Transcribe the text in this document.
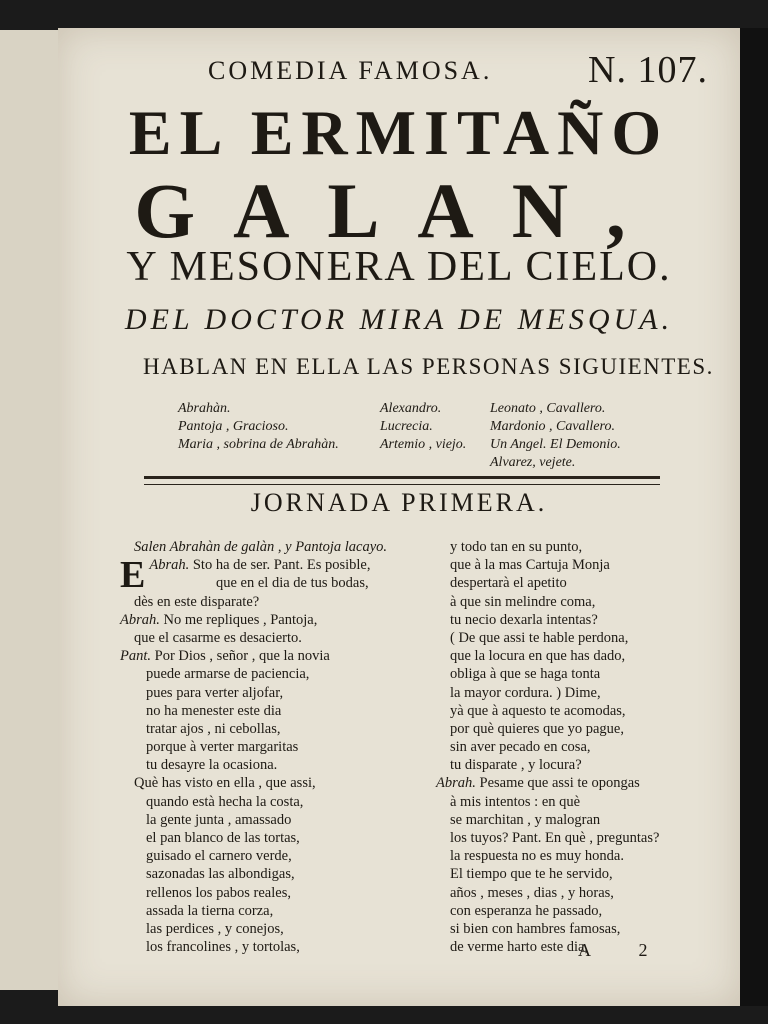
COMEDIA FAMOSA.	N. 107.
EL ERMITAÑO
GALAN,
Y MESONERA DEL CIELO.
DEL DOCTOR MIRA DE MESQUA.
HABLAN EN ELLA LAS PERSONAS SIGUIENTES.
Abrahàn.
Pantoja , Gracioso.
Maria , sobrina de Abrahàn.
Alexandro.
Lucrecia.
Artemio , viejo.
Leonato , Cavallero.
Mardonio , Cavallero.
Un Angel. El Demonio.
Alvarez, vejete.
JORNADA PRIMERA.
Salen Abrahàn de galàn , y Pantoja lacayo.
Abrah.
E	Sto ha de ser. Pant. Es posible,
que en el dia de tus bodas,
dès en este disparate?
Abrah. No me repliques , Pantoja,
que el casarme es desacierto.
Pant. Por Dios , señor , que la novia
puede armarse de paciencia,
pues para verter aljofar,
no ha menester este dia
tratar ajos , ni cebollas,
porque à verter margaritas
tu desayre la ocasiona.
Què has visto en ella , que assi,
quando està hecha la costa,
la gente junta , amassado
el pan blanco de las tortas,
guisado el carnero verde,
sazonadas las albondigas,
rellenos los pabos reales,
assada la tierna corza,
las perdices , y conejos,
los francolines , y tortolas,
y todo tan en su punto,
que à la mas Cartuja Monja
despertarà el apetito
à que sin melindre coma,
tu necio dexarla intentas?
( De que assi te hable perdona,
que la locura en que has dado,
obliga à que se haga tonta
la mayor cordura. ) Dime,
yà que à aquesto te acomodas,
por què quieres que yo pague,
sin aver pecado en cosa,
tu disparate , y locura?
Abrah. Pesame que assi te opongas
à mis intentos : en què
se marchitan , y malogran
los tuyos? Pant. En què , preguntas?
la respuesta no es muy honda.
El tiempo que te he servido,
años , meses , dias , y horas,
con esperanza he passado,
si bien con hambres famosas,
de verme harto este dia,
A 2
